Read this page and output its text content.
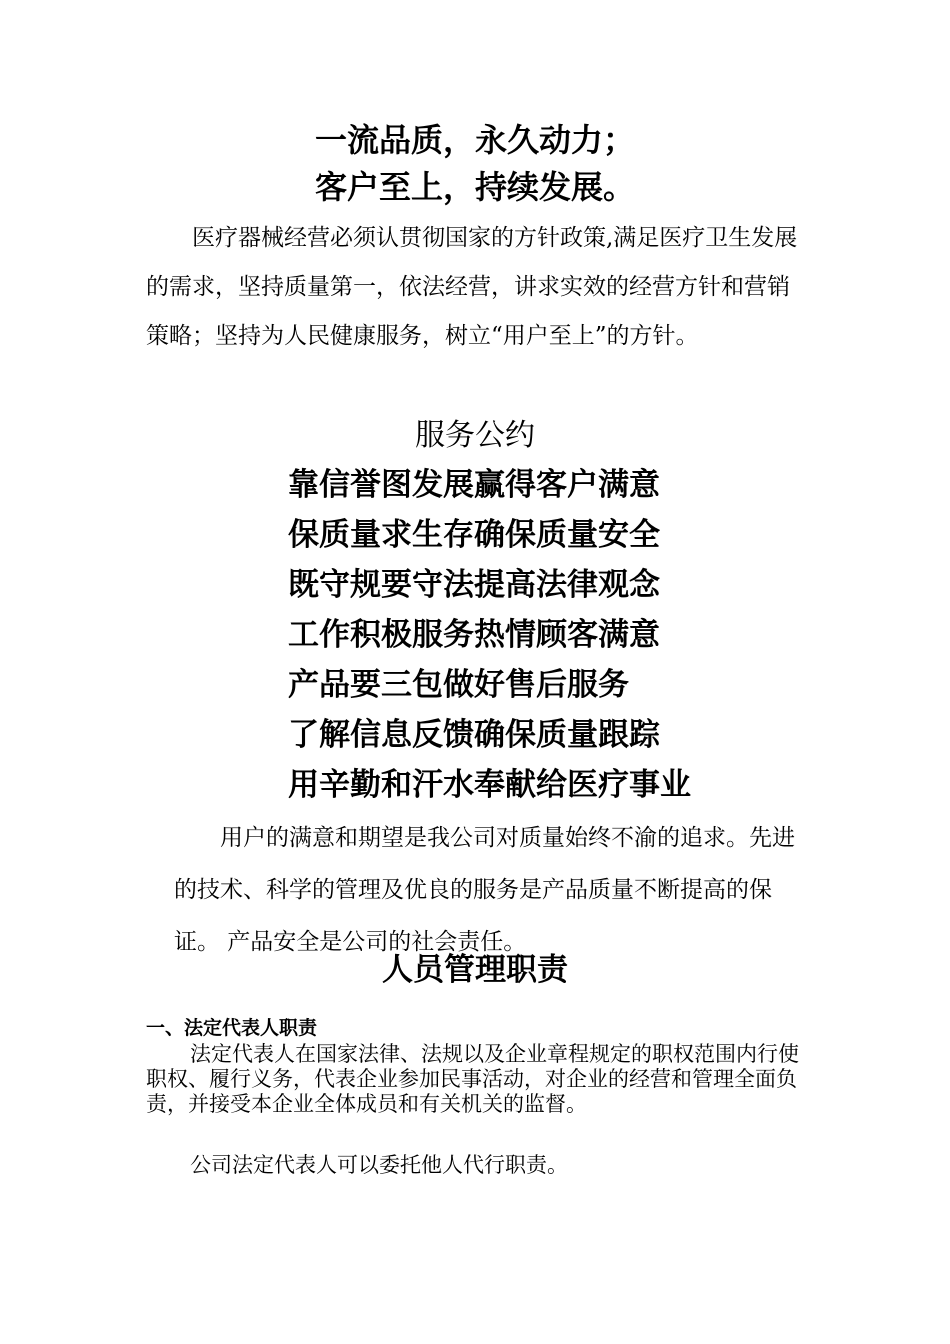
一流品质，永久动力；
客户至上，持续发展。
医疗器械经营必须认贯彻国家的方针政策,满足医疗卫生发展的需求，坚持质量第一，依法经营，讲求实效的经营方针和营销策略；坚持为人民健康服务，树立“用户至上”的方针。
服务公约
靠信誉图发展赢得客户满意
保质量求生存确保质量安全
既守规要守法提高法律观念
工作积极服务热情顾客满意
产品要三包做好售后服务
了解信息反馈确保质量跟踪
用辛勤和汗水奉献给医疗事业
用户的满意和期望是我公司对质量始终不渝的追求。先进的技术、科学的管理及优良的服务是产品质量不断提高的保证。 产品安全是公司的社会责任。
人员管理职责
一、法定代表人职责
法定代表人在国家法律、法规以及企业章程规定的职权范围内行使职权、履行义务，代表企业参加民事活动，对企业的经营和管理全面负责，并接受本企业全体成员和有关机关的监督。
公司法定代表人可以委托他人代行职责。
